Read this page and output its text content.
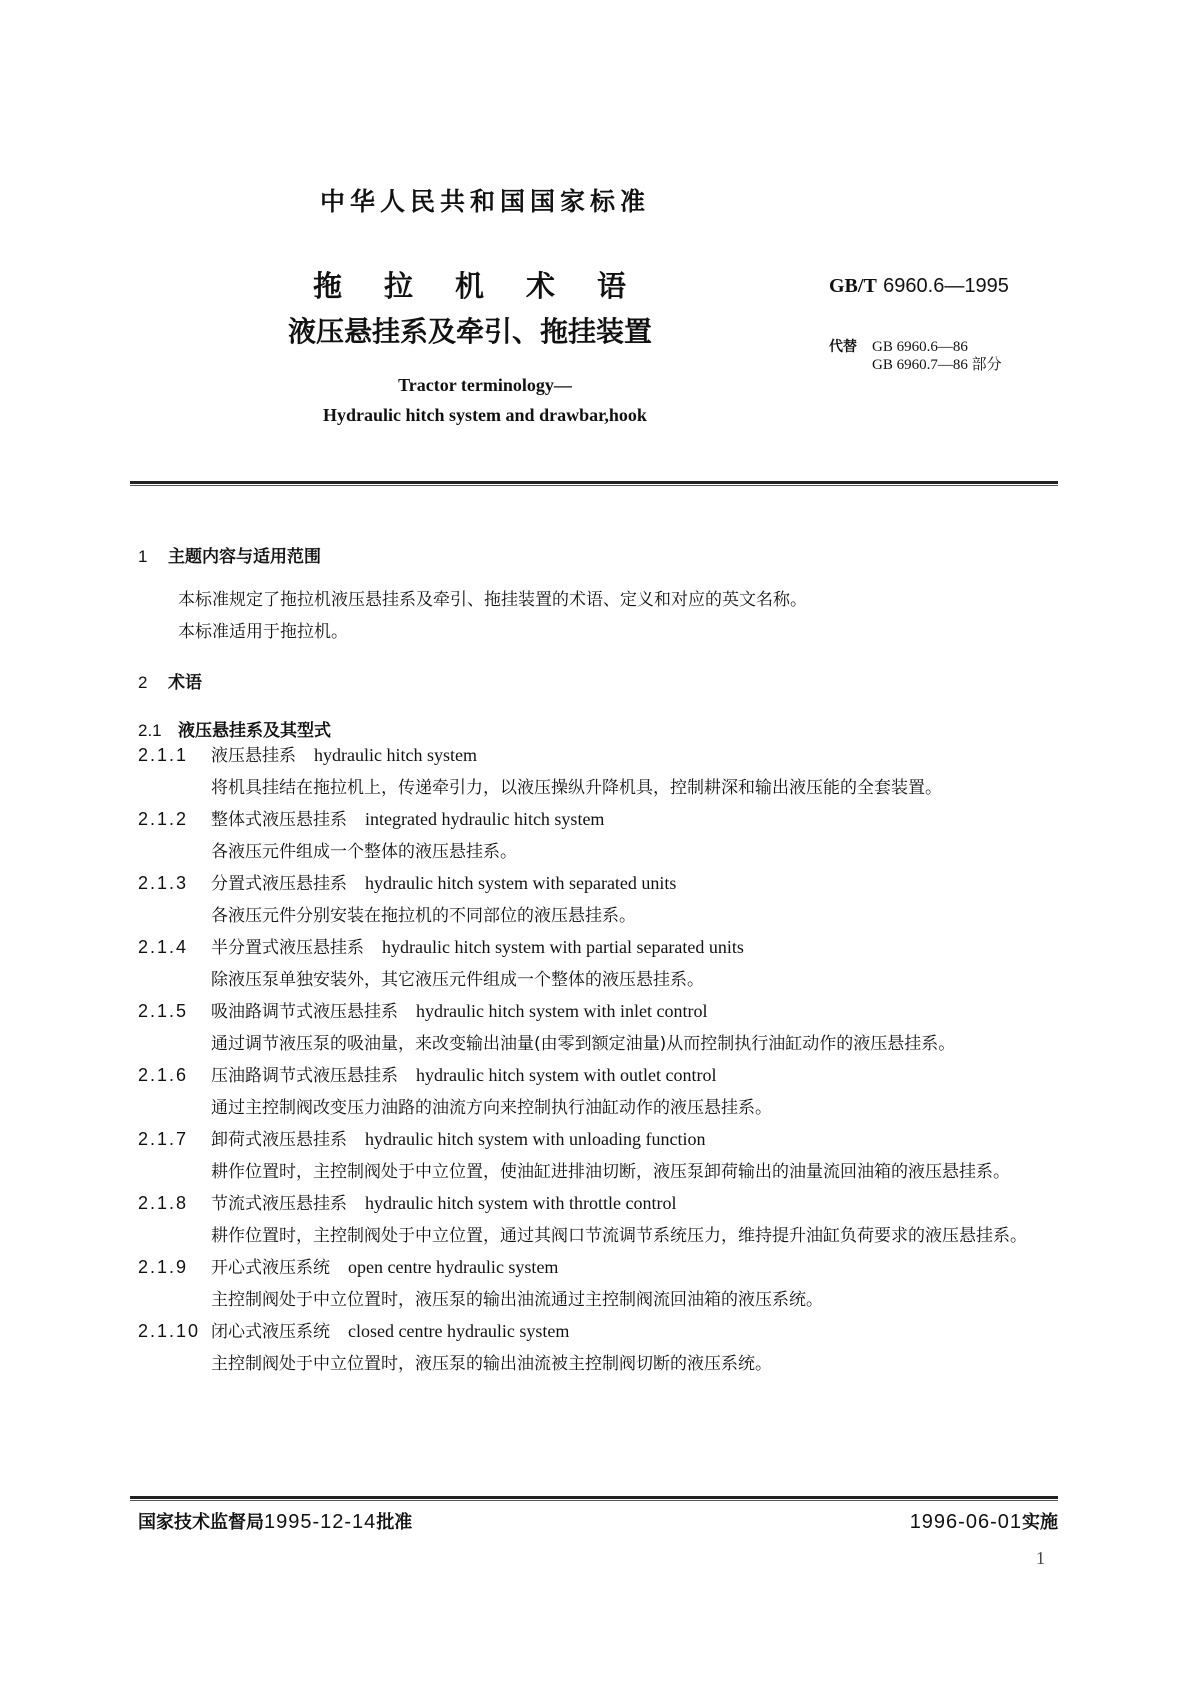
中华人民共和国国家标准
拖拉机术语
液压悬挂系及牵引、拖挂装置
GB/T 6960.6—1995
代替 GB 6960.6—86
GB 6960.7—86 部分
Tractor terminology—
Hydraulic hitch system and drawbar,hook
1 主题内容与适用范围
本标准规定了拖拉机液压悬挂系及牵引、拖挂装置的术语、定义和对应的英文名称。
本标准适用于拖拉机。
2 术语
2.1 液压悬挂系及其型式
2.1.1 液压悬挂系 hydraulic hitch system
将机具挂结在拖拉机上，传递牵引力，以液压操纵升降机具，控制耕深和输出液压能的全套装置。
2.1.2 整体式液压悬挂系 integrated hydraulic hitch system
各液压元件组成一个整体的液压悬挂系。
2.1.3 分置式液压悬挂系 hydraulic hitch system with separated units
各液压元件分别安装在拖拉机的不同部位的液压悬挂系。
2.1.4 半分置式液压悬挂系 hydraulic hitch system with partial separated units
除液压泵单独安装外，其它液压元件组成一个整体的液压悬挂系。
2.1.5 吸油路调节式液压悬挂系 hydraulic hitch system with inlet control
通过调节液压泵的吸油量，来改变输出油量(由零到额定油量)从而控制执行油缸动作的液压悬挂系。
2.1.6 压油路调节式液压悬挂系 hydraulic hitch system with outlet control
通过主控制阀改变压力油路的油流方向来控制执行油缸动作的液压悬挂系。
2.1.7 卸荷式液压悬挂系 hydraulic hitch system with unloading function
耕作位置时，主控制阀处于中立位置，使油缸进排油切断，液压泵卸荷输出的油量流回油箱的液压悬挂系。
2.1.8 节流式液压悬挂系 hydraulic hitch system with throttle control
耕作位置时，主控制阀处于中立位置，通过其阀口节流调节系统压力，维持提升油缸负荷要求的液压悬挂系。
2.1.9 开心式液压系统 open centre hydraulic system
主控制阀处于中立位置时，液压泵的输出油流通过主控制阀流回油箱的液压系统。
2.1.10 闭心式液压系统 closed centre hydraulic system
主控制阀处于中立位置时，液压泵的输出油流被主控制阀切断的液压系统。
国家技术监督局1995-12-14批准	1996-06-01实施
1
